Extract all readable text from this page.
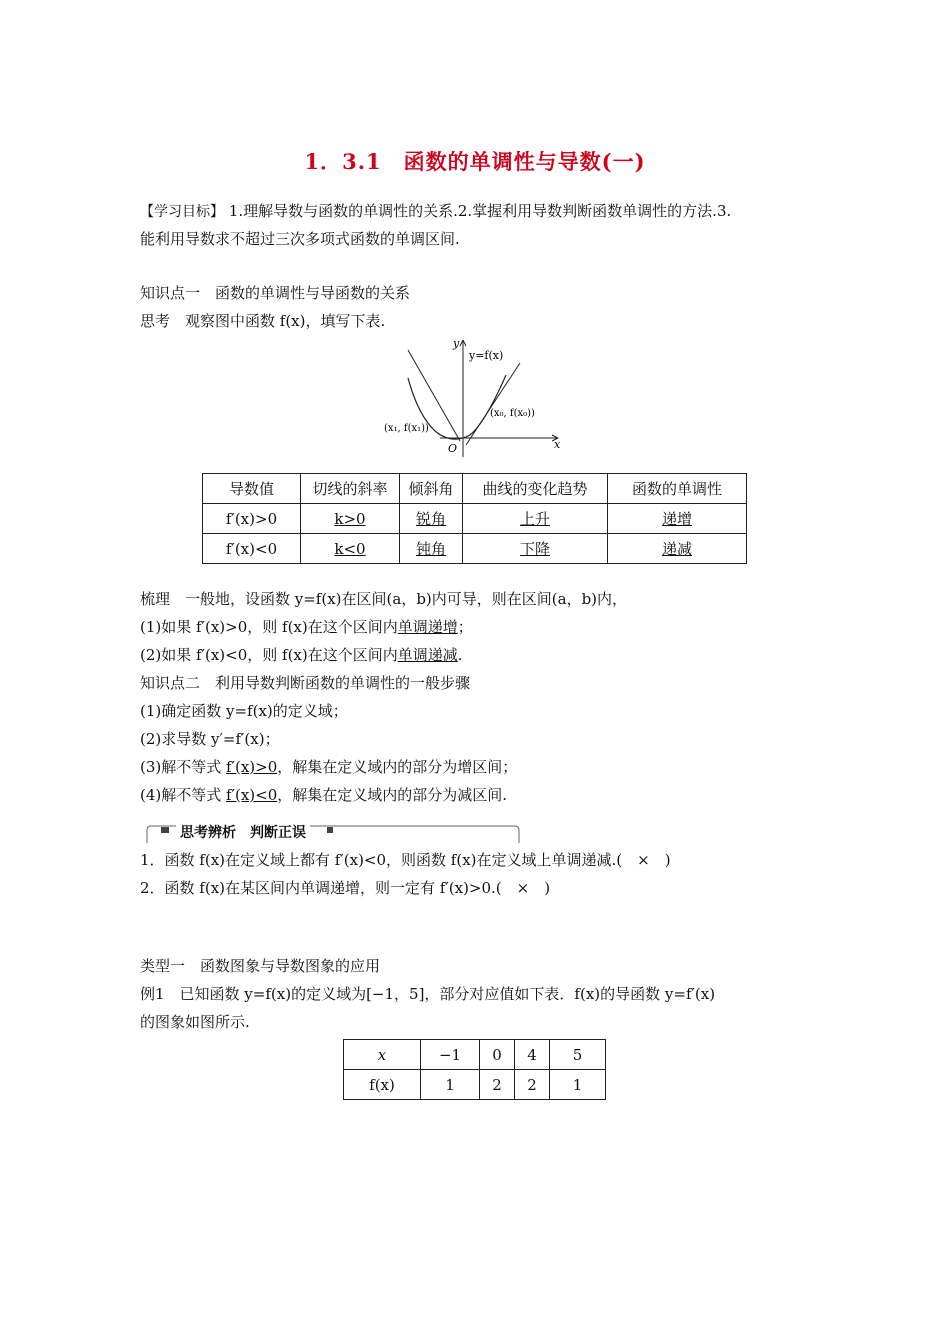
1．3.1　函数的单调性与导数(一)
【学习目标】 1.理解导数与函数的单调性的关系.2.掌握利用导数判断函数单调性的方法.3.
能利用导数求不超过三次多项式函数的单调区间.
知识点一　函数的单调性与导函数的关系
思考　观察图中函数 f(x)，填写下表.
y
y=f(x)
(x₀, f(x₀))
(x₁, f(x₁))
O	x
导数值	切线的斜率	倾斜角	曲线的变化趋势	函数的单调性
f′(x)>0	k>0	锐角	上升	递增
f′(x)<0	k<0	钝角	下降	递减
梳理　一般地，设函数 y=f(x)在区间(a，b)内可导，则在区间(a，b)内，
(1)如果 f′(x)>0，则 f(x)在这个区间内单调递增；
(2)如果 f′(x)<0，则 f(x)在这个区间内单调递减.
知识点二　利用导数判断函数的单调性的一般步骤
(1)确定函数 y=f(x)的定义域；
(2)求导数 y′=f′(x)；
(3)解不等式 f′(x)>0，解集在定义域内的部分为增区间；
(4)解不等式 f′(x)<0，解集在定义域内的部分为减区间.
思考辨析　判断正误
1．函数 f(x)在定义域上都有 f′(x)<0，则函数 f(x)在定义域上单调递减.(　×　)
2．函数 f(x)在某区间内单调递增，则一定有 f′(x)>0.(　×　)
类型一　函数图象与导数图象的应用
例1　已知函数 y=f(x)的定义域为[−1，5]，部分对应值如下表．f(x)的导函数 y=f′(x)
的图象如图所示.
x	−1	0	4	5
f(x)	1	2	2	1
